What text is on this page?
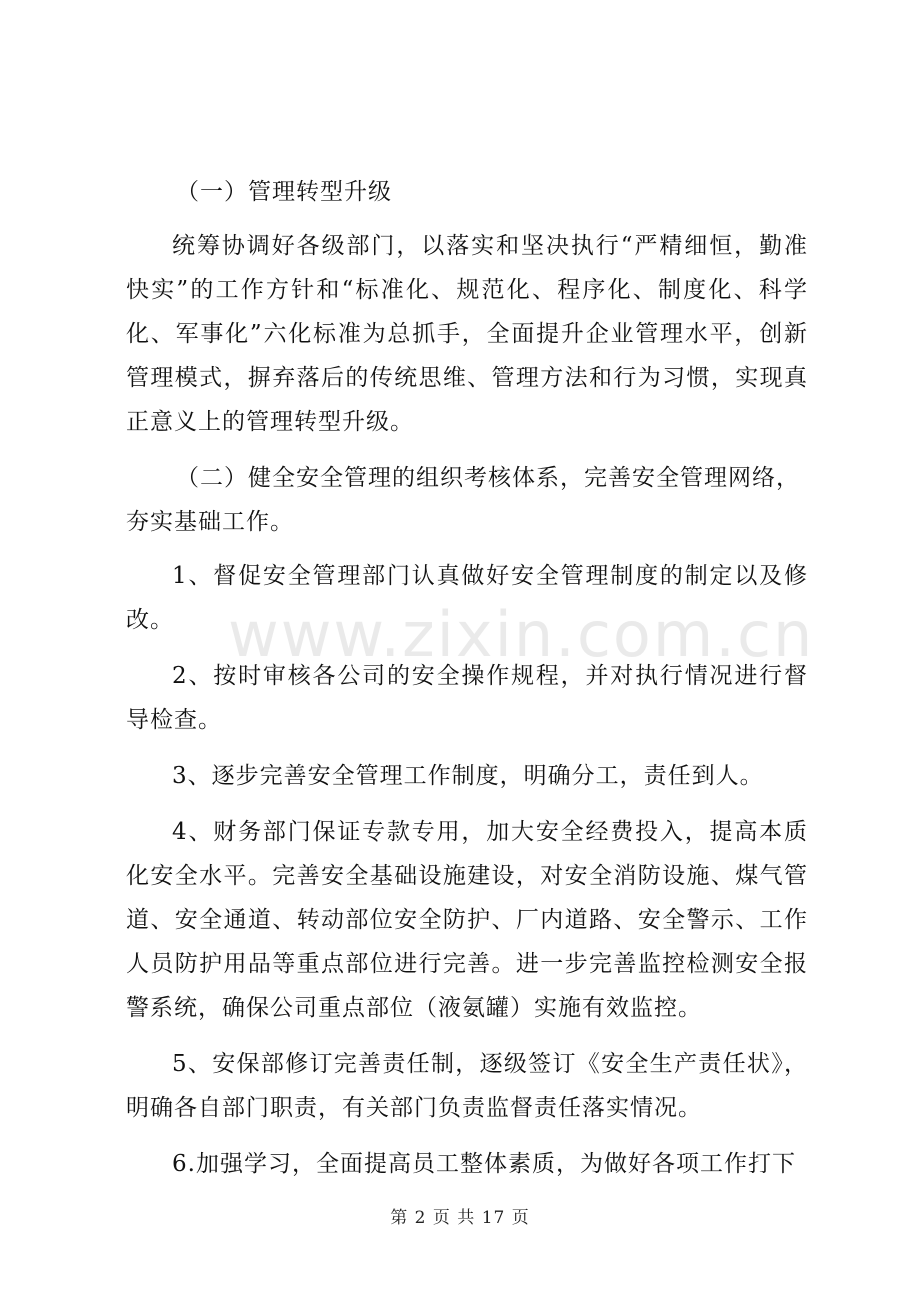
（一）管理转型升级

统筹协调好各级部门，以落实和坚决执行“严精细恒，勤准快实”的工作方针和“标准化、规范化、程序化、制度化、科学化、军事化”六化标准为总抓手，全面提升企业管理水平，创新管理模式，摒弃落后的传统思维、管理方法和行为习惯，实现真正意义上的管理转型升级。

（二）健全安全管理的组织考核体系，完善安全管理网络，夯实基础工作。

1、督促安全管理部门认真做好安全管理制度的制定以及修改。

2、按时审核各公司的安全操作规程，并对执行情况进行督导检查。

3、逐步完善安全管理工作制度，明确分工，责任到人。

4、财务部门保证专款专用，加大安全经费投入，提高本质化安全水平。完善安全基础设施建设，对安全消防设施、煤气管道、安全通道、转动部位安全防护、厂内道路、安全警示、工作人员防护用品等重点部位进行完善。进一步完善监控检测安全报警系统，确保公司重点部位（液氨罐）实施有效监控。

5、安保部修订完善责任制，逐级签订《安全生产责任状》，明确各自部门职责，有关部门负责监督责任落实情况。

6.加强学习，全面提高员工整体素质，为做好各项工作打下

www.zixin.com.cn
第 2 页 共 17 页
